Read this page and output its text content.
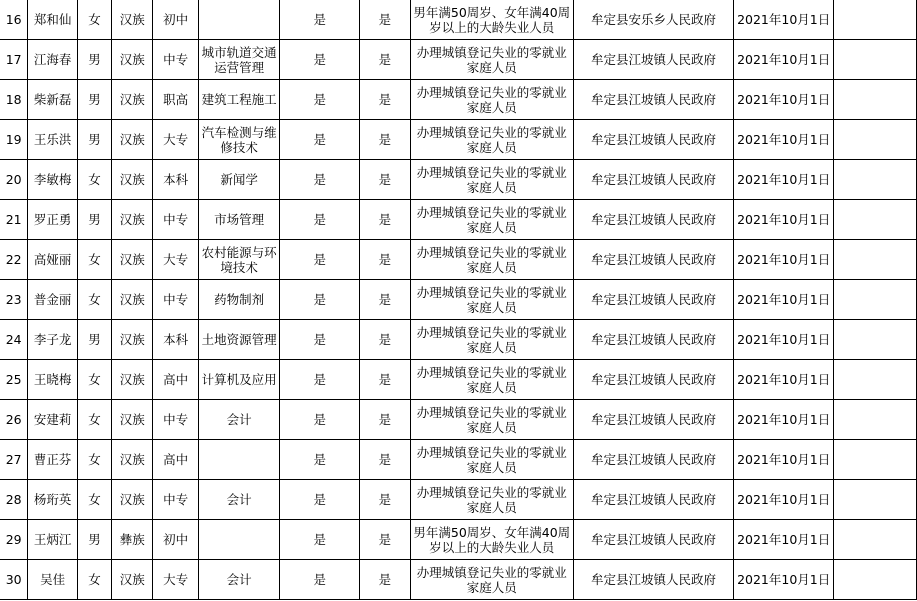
16	郑和仙	女	汉族	初中		是	是	男年满50周岁、女年满40周岁以上的大龄失业人员	牟定县安乐乡人民政府	2021年10月1日	
17	江海春	男	汉族	中专	城市轨道交通运营管理	是	是	办理城镇登记失业的零就业家庭人员	牟定县江坡镇人民政府	2021年10月1日	
18	柴新磊	男	汉族	职高	建筑工程施工	是	是	办理城镇登记失业的零就业家庭人员	牟定县江坡镇人民政府	2021年10月1日	
19	王乐洪	男	汉族	大专	汽车检测与维修技术	是	是	办理城镇登记失业的零就业家庭人员	牟定县江坡镇人民政府	2021年10月1日	
20	李敏梅	女	汉族	本科	新闻学	是	是	办理城镇登记失业的零就业家庭人员	牟定县江坡镇人民政府	2021年10月1日	
21	罗正勇	男	汉族	中专	市场管理	是	是	办理城镇登记失业的零就业家庭人员	牟定县江坡镇人民政府	2021年10月1日	
22	高娅丽	女	汉族	大专	农村能源与环境技术	是	是	办理城镇登记失业的零就业家庭人员	牟定县江坡镇人民政府	2021年10月1日	
23	普金丽	女	汉族	中专	药物制剂	是	是	办理城镇登记失业的零就业家庭人员	牟定县江坡镇人民政府	2021年10月1日	
24	李子龙	男	汉族	本科	土地资源管理	是	是	办理城镇登记失业的零就业家庭人员	牟定县江坡镇人民政府	2021年10月1日	
25	王晓梅	女	汉族	高中	计算机及应用	是	是	办理城镇登记失业的零就业家庭人员	牟定县江坡镇人民政府	2021年10月1日	
26	安建莉	女	汉族	中专	会计	是	是	办理城镇登记失业的零就业家庭人员	牟定县江坡镇人民政府	2021年10月1日	
27	曹正芬	女	汉族	高中		是	是	办理城镇登记失业的零就业家庭人员	牟定县江坡镇人民政府	2021年10月1日	
28	杨珩英	女	汉族	中专	会计	是	是	办理城镇登记失业的零就业家庭人员	牟定县江坡镇人民政府	2021年10月1日	
29	王炳江	男	彝族	初中		是	是	男年满50周岁、女年满40周岁以上的大龄失业人员	牟定县江坡镇人民政府	2021年10月1日	
30	吴佳	女	汉族	大专	会计	是	是	办理城镇登记失业的零就业家庭人员	牟定县江坡镇人民政府	2021年10月1日	
